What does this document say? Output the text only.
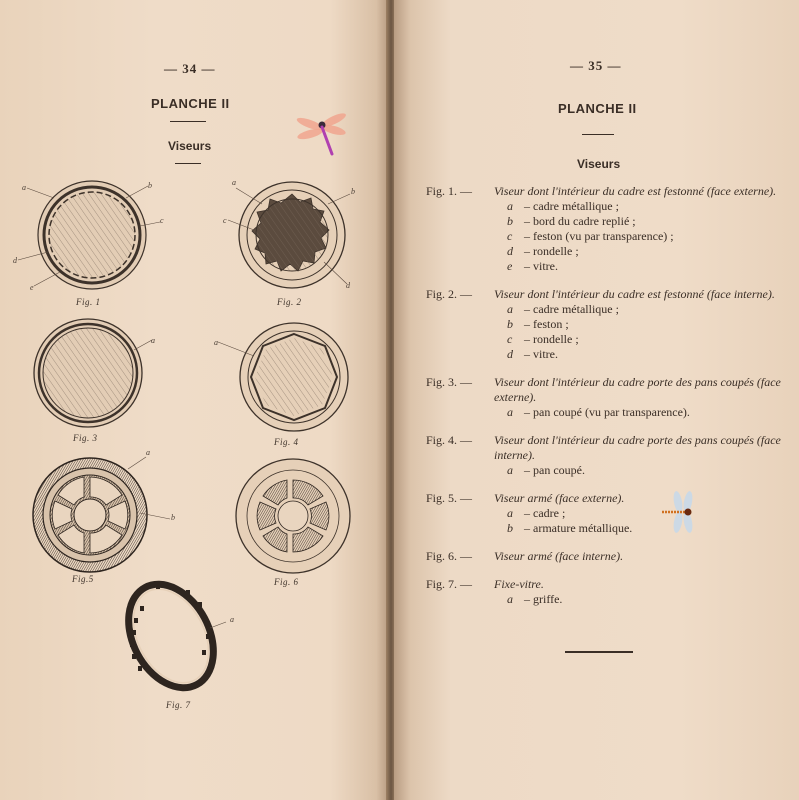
— 34 —
PLANCHE II
Viseurs
a	b
c
d
e
Fig. 1
a
b
c
d
Fig. 2
a
Fig. 3
a
Fig. 4
a
b
Fig.5	Fig. 6
a
Fig. 7
— 35 —
PLANCHE II
Viseurs
Fig. 1. —	Viseur dont l'intérieur du cadre est festonné (face externe).
a – cadre métallique ;
b – bord du cadre replié ;
c – feston (vu par transparence) ;
d – rondelle ;
e – vitre.
Fig. 2. —	Viseur dont l'intérieur du cadre est festonné (face interne).
a – cadre métallique ;
b – feston ;
c – rondelle ;
d – vitre.
Fig. 3. —	Viseur dont l'intérieur du cadre porte des pans coupés (face externe).
a – pan coupé (vu par transparence).
Fig. 4. —	Viseur dont l'intérieur du cadre porte des pans coupés (face interne).
a – pan coupé.
Fig. 5. —	Viseur armé (face externe).
a – cadre ;
b – armature métallique.
Fig. 6. —	Viseur armé (face interne).
Fig. 7. —	Fixe-vitre.
a – griffe.
